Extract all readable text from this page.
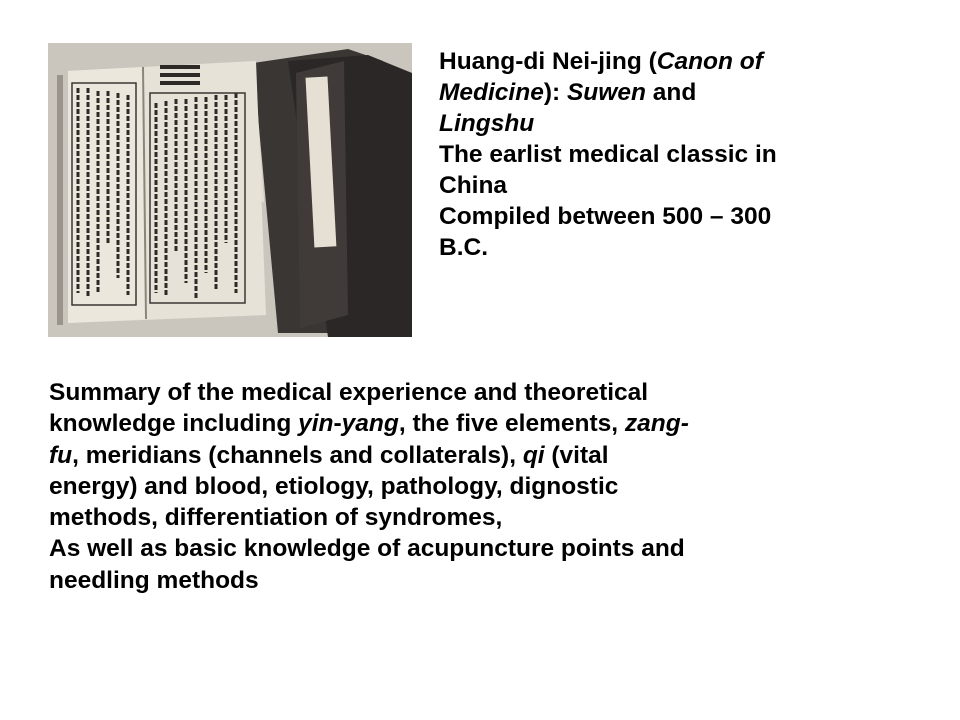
Huang-di Nei-jing (Canon of
Medicine): Suwen and
Lingshu

The earlist medical classic in
China

Compiled between 500 – 300
B.C.

Summary of the medical experience and theoretical
knowledge including yin-yang, the five elements, zang-
fu, meridians (channels and collaterals), qi (vital
energy) and blood, etiology, pathology, dignostic
methods, differentiation of syndromes,
As well as basic knowledge of acupuncture points and
needling methods
